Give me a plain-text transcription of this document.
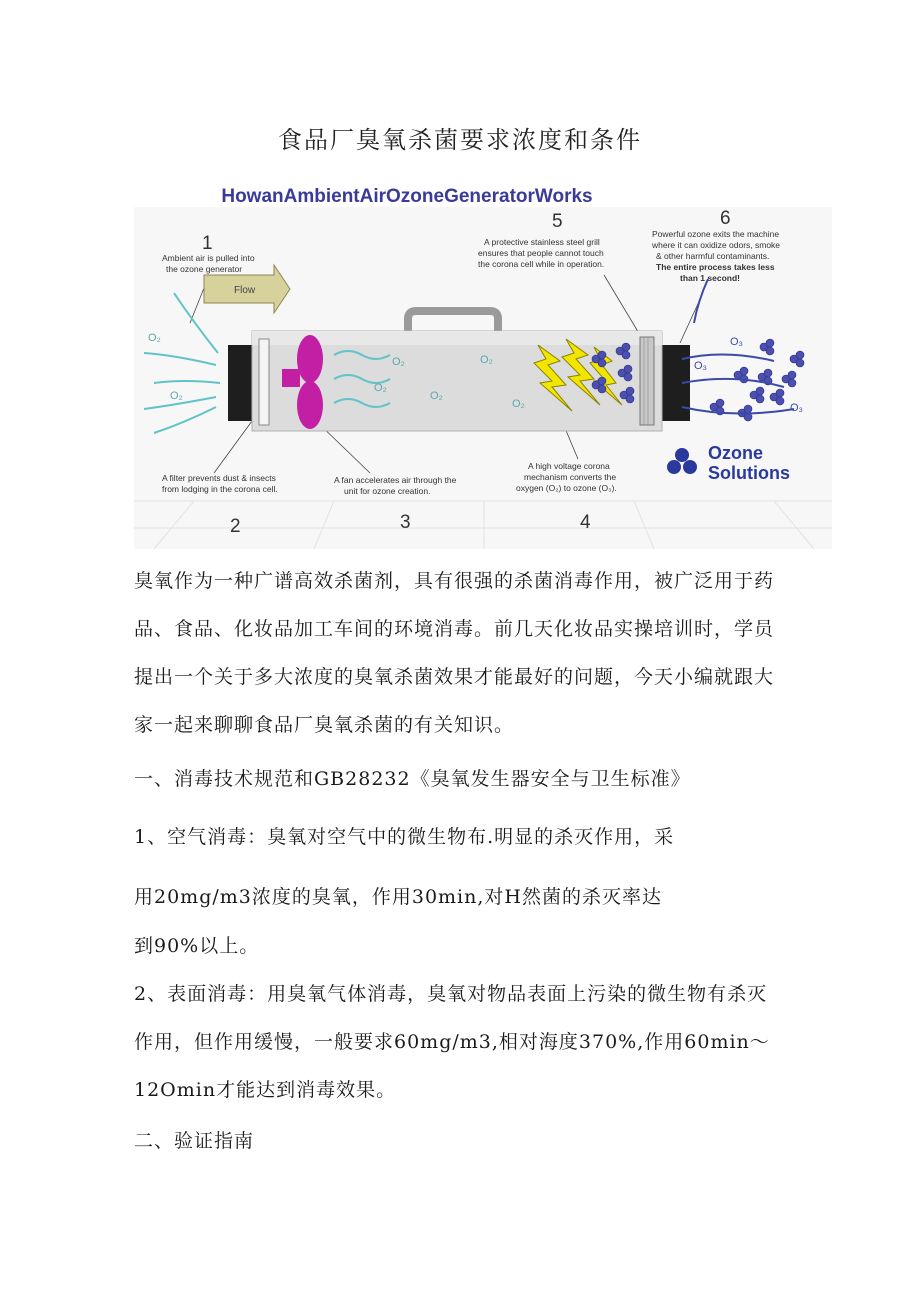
食品厂臭氧杀菌要求浓度和条件
HowanAmbientAirOzoneGeneratorWorks
1
2	3	4
5	6
Ambient air is pulled into the ozone generator
A filter prevents dust & insects from lodging in the corona cell.
A fan accelerates air through the unit for ozone creation.
A high voltage corona mechanism converts the oxygen (O₂) to ozone (O₃).
A protective stainless steel grill ensures that people cannot touch the corona cell while in operation.
Powerful ozone exits the machine where it can oxidize odors, smoke & other harmful contaminants. The entire process takes less than 1 second!
Flow
O₂
O₂
O₂
O₂
O₂
O₂
O₂
O₃
O₃
O₃
Ozone
Solutions
臭氧作为一种广谱高效杀菌剂，具有很强的杀菌消毒作用，被广泛用于药
品、食品、化妆品加工车间的环境消毒。前几天化妆品实操培训时，学员
提出一个关于多大浓度的臭氧杀菌效果才能最好的问题，今天小编就跟大
家一起来聊聊食品厂臭氧杀菌的有关知识。
一、消毒技术规范和GB28232《臭氧发生器安全与卫生标准》
1、空气消毒：臭氧对空气中的微生物布.明显的杀灭作用，采
用20mg∕m3浓度的臭氧，作用30min,对H然菌的杀灭率达
到90%以上。
2、表面消毒：用臭氧气体消毒，臭氧对物品表面上污染的微生物有杀灭
作用，但作用缓慢，一般要求60mg∕m3,相对海度370%,作用60min〜
12Omin才能达到消毒效果。
二、验证指南
